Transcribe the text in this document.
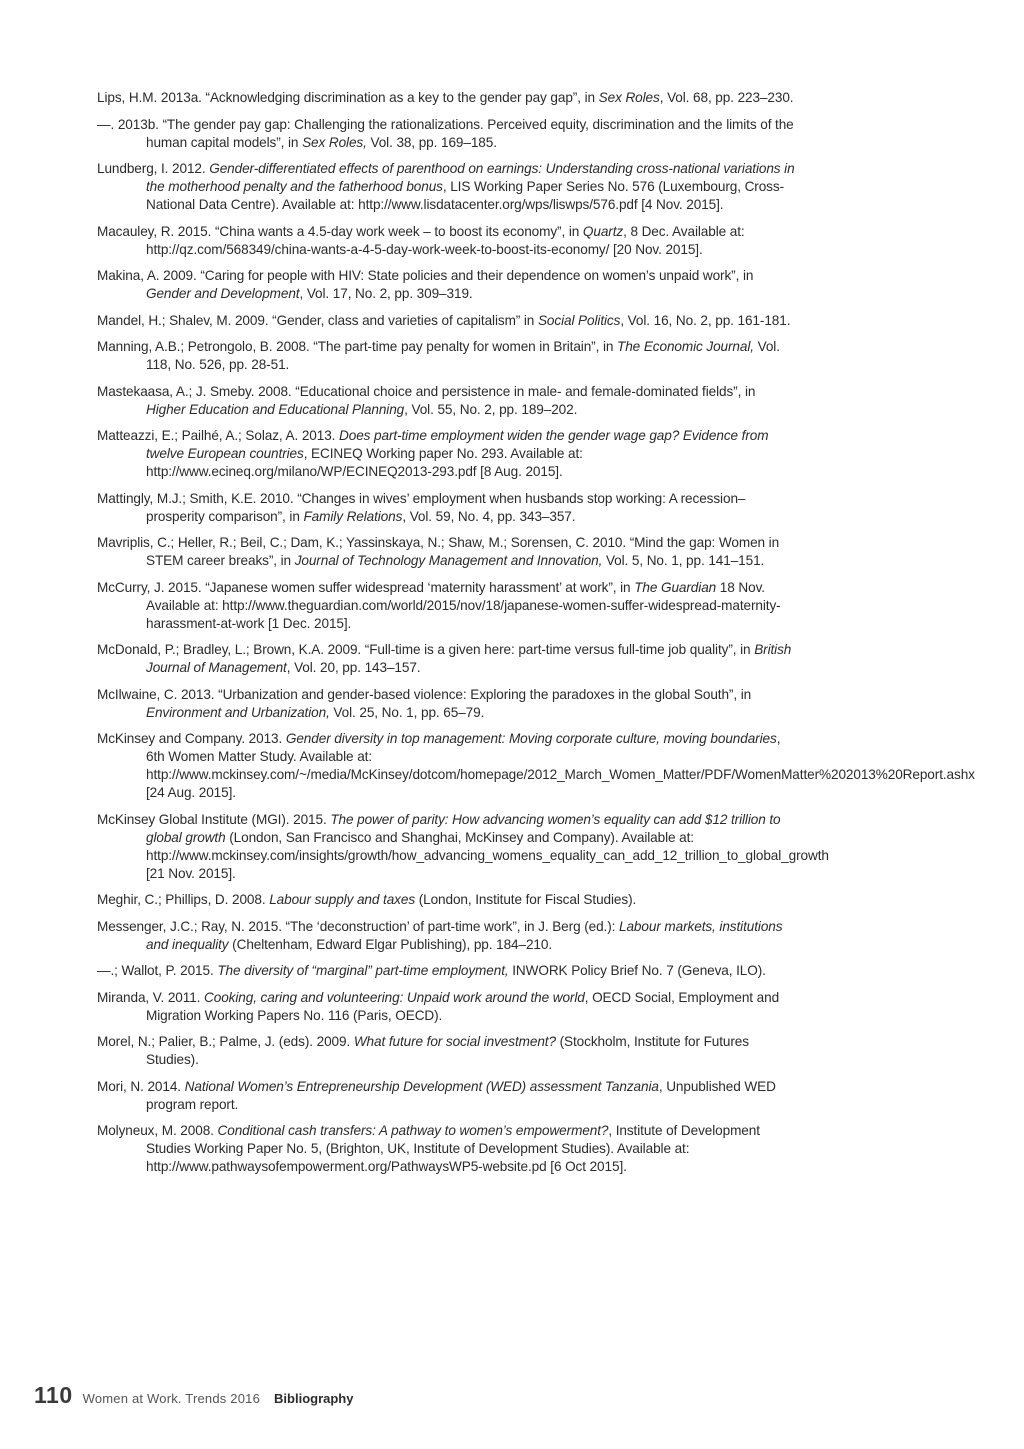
Lips, H.M. 2013a. “Acknowledging discrimination as a key to the gender pay gap”, in Sex Roles, Vol. 68, pp. 223–230.

—. 2013b. “The gender pay gap: Challenging the rationalizations. Perceived equity, discrimination and the limits of the human capital models”, in Sex Roles, Vol. 38, pp. 169–185.

Lundberg, I. 2012. Gender-differentiated effects of parenthood on earnings: Understanding cross-national variations in the motherhood penalty and the fatherhood bonus, LIS Working Paper Series No. 576 (Luxembourg, Cross-National Data Centre). Available at: http://www.lisdatacenter.org/wps/liswps/576.pdf [4 Nov. 2015].

Macauley, R. 2015. “China wants a 4.5-day work week – to boost its economy”, in Quartz, 8 Dec. Available at: http://qz.com/568349/china-wants-a-4-5-day-work-week-to-boost-its-economy/ [20 Nov. 2015].

Makina, A. 2009. “Caring for people with HIV: State policies and their dependence on women’s unpaid work”, in Gender and Development, Vol. 17, No. 2, pp. 309–319.

Mandel, H.; Shalev, M. 2009. “Gender, class and varieties of capitalism” in Social Politics, Vol. 16, No. 2, pp. 161-181.

Manning, A.B.; Petrongolo, B. 2008. “The part-time pay penalty for women in Britain”, in The Economic Journal, Vol. 118, No. 526, pp. 28-51.

Mastekaasa, A.; J. Smeby. 2008. “Educational choice and persistence in male- and female-dominated fields”, in Higher Education and Educational Planning, Vol. 55, No. 2, pp. 189–202.

Matteazzi, E.; Pailhé, A.; Solaz, A. 2013. Does part-time employment widen the gender wage gap? Evidence from twelve European countries, ECINEQ Working paper No. 293. Available at: http://www.ecineq.org/milano/WP/ECINEQ2013-293.pdf [8 Aug. 2015].

Mattingly, M.J.; Smith, K.E. 2010. “Changes in wives’ employment when husbands stop working: A recession–prosperity comparison”, in Family Relations, Vol. 59, No. 4, pp. 343–357.

Mavriplis, C.; Heller, R.; Beil, C.; Dam, K.; Yassinskaya, N.; Shaw, M.; Sorensen, C. 2010. “Mind the gap: Women in STEM career breaks”, in Journal of Technology Management and Innovation, Vol. 5, No. 1, pp. 141–151.

McCurry, J. 2015. “Japanese women suffer widespread ‘maternity harassment’ at work”, in The Guardian 18 Nov. Available at: http://www.theguardian.com/world/2015/nov/18/japanese-women-suffer-widespread-maternity-harassment-at-work [1 Dec. 2015].

McDonald, P.; Bradley, L.; Brown, K.A. 2009. “Full-time is a given here: part-time versus full-time job quality”, in British Journal of Management, Vol. 20, pp. 143–157.

McIlwaine, C. 2013. “Urbanization and gender-based violence: Exploring the paradoxes in the global South”, in Environment and Urbanization, Vol. 25, No. 1, pp. 65–79.

McKinsey and Company. 2013. Gender diversity in top management: Moving corporate culture, moving boundaries, 6th Women Matter Study. Available at: http://www.mckinsey.com/~/media/McKinsey/dotcom/homepage/2012_March_Women_Matter/PDF/WomenMatter%202013%20Report.ashx [24 Aug. 2015].

McKinsey Global Institute (MGI). 2015. The power of parity: How advancing women’s equality can add $12 trillion to global growth (London, San Francisco and Shanghai, McKinsey and Company). Available at: http://www.mckinsey.com/insights/growth/how_advancing_womens_equality_can_add_12_trillion_to_global_growth [21 Nov. 2015].

Meghir, C.; Phillips, D. 2008. Labour supply and taxes (London, Institute for Fiscal Studies).

Messenger, J.C.; Ray, N. 2015. “The ‘deconstruction’ of part-time work”, in J. Berg (ed.): Labour markets, institutions and inequality (Cheltenham, Edward Elgar Publishing), pp. 184–210.

—.; Wallot, P. 2015. The diversity of “marginal” part-time employment, INWORK Policy Brief No. 7 (Geneva, ILO).

Miranda, V. 2011. Cooking, caring and volunteering: Unpaid work around the world, OECD Social, Employment and Migration Working Papers No. 116 (Paris, OECD).

Morel, N.; Palier, B.; Palme, J. (eds). 2009. What future for social investment? (Stockholm, Institute for Futures Studies).

Mori, N. 2014. National Women’s Entrepreneurship Development (WED) assessment Tanzania, Unpublished WED program report.

Molyneux, M. 2008. Conditional cash transfers: A pathway to women’s empowerment?, Institute of Development Studies Working Paper No. 5, (Brighton, UK, Institute of Development Studies). Available at: http://www.pathwaysofempowerment.org/PathwaysWP5-website.pd [6 Oct 2015].

110 Women at Work. Trends 2016 Bibliography
